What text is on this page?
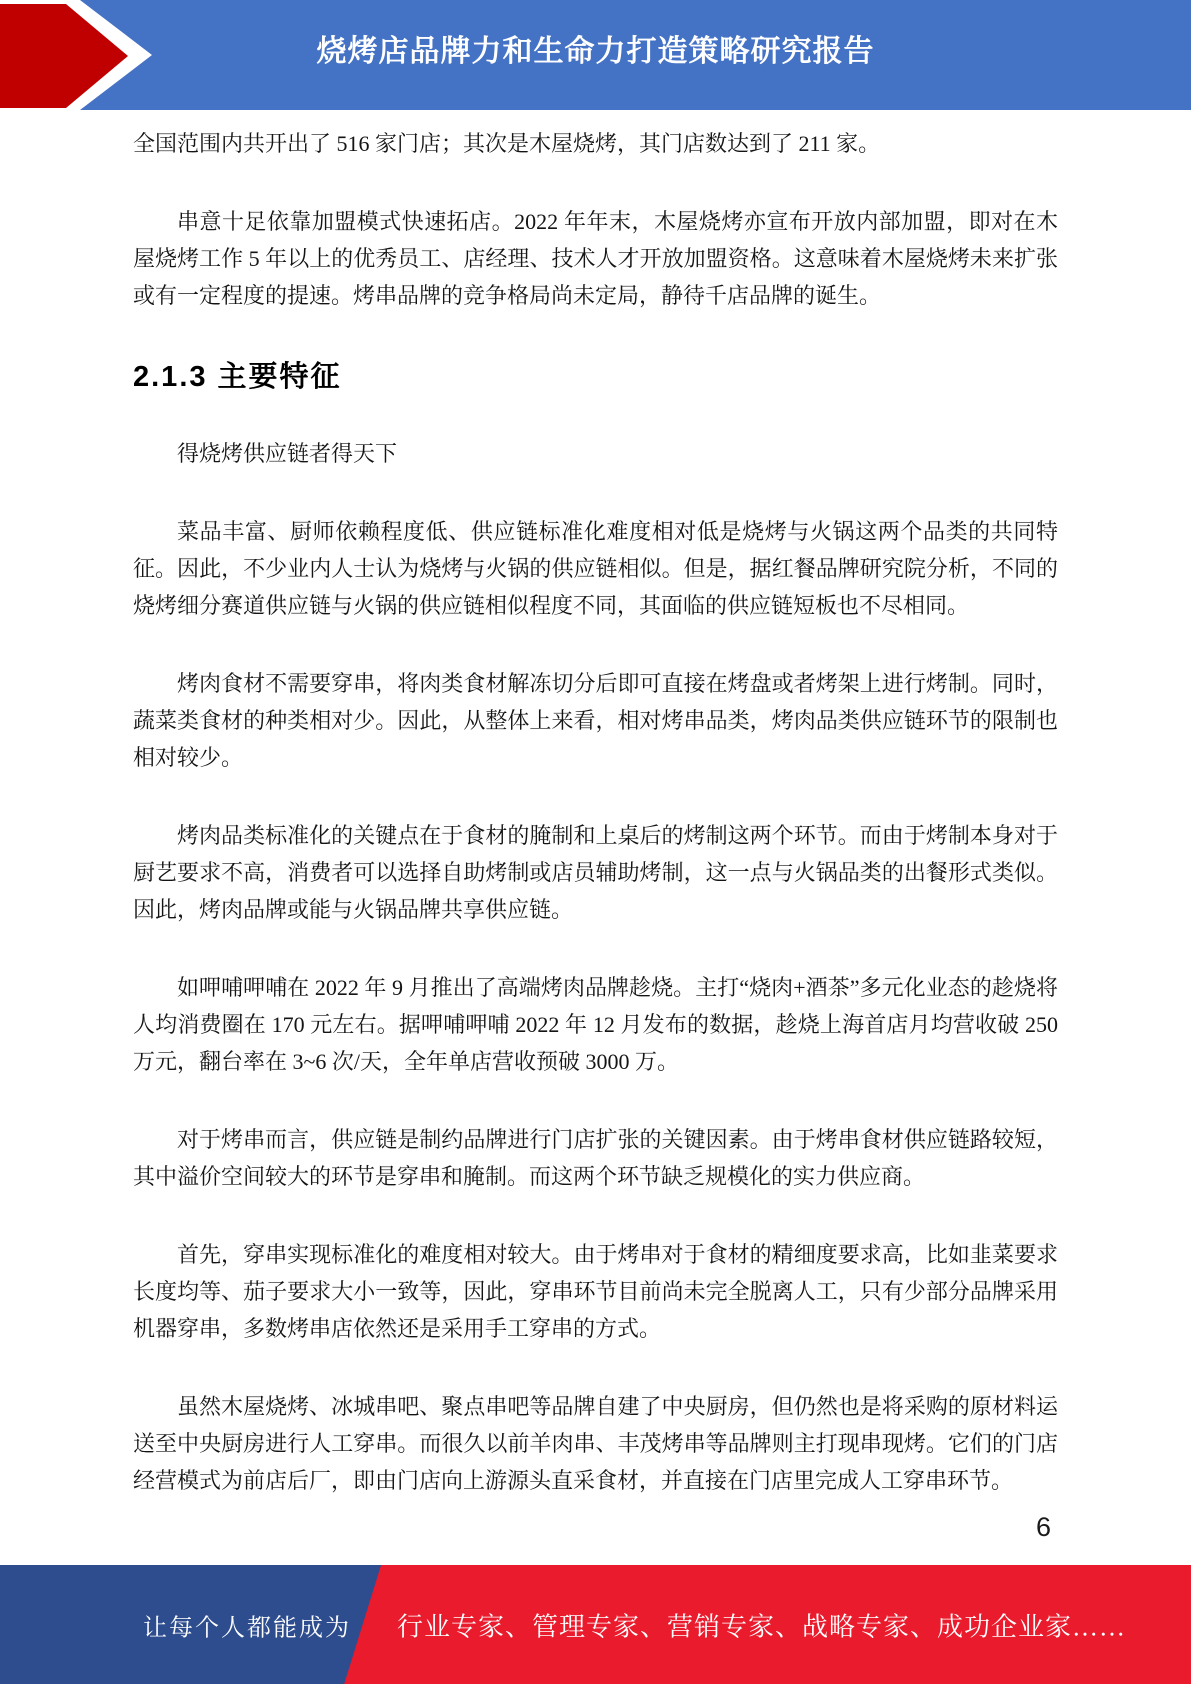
烧烤店品牌力和生命力打造策略研究报告

全国范围内共开出了 516 家门店；其次是木屋烧烤，其门店数达到了 211 家。

串意十足依靠加盟模式快速拓店。2022 年年末，木屋烧烤亦宣布开放内部加盟，即对在木屋烧烤工作 5 年以上的优秀员工、店经理、技术人才开放加盟资格。这意味着木屋烧烤未来扩张或有一定程度的提速。烤串品牌的竞争格局尚未定局，静待千店品牌的诞生。

2.1.3 主要特征

得烧烤供应链者得天下

菜品丰富、厨师依赖程度低、供应链标准化难度相对低是烧烤与火锅这两个品类的共同特征。因此，不少业内人士认为烧烤与火锅的供应链相似。但是，据红餐品牌研究院分析，不同的烧烤细分赛道供应链与火锅的供应链相似程度不同，其面临的供应链短板也不尽相同。

烤肉食材不需要穿串，将肉类食材解冻切分后即可直接在烤盘或者烤架上进行烤制。同时，蔬菜类食材的种类相对少。因此，从整体上来看，相对烤串品类，烤肉品类供应链环节的限制也相对较少。

烤肉品类标准化的关键点在于食材的腌制和上桌后的烤制这两个环节。而由于烤制本身对于厨艺要求不高，消费者可以选择自助烤制或店员辅助烤制，这一点与火锅品类的出餐形式类似。因此，烤肉品牌或能与火锅品牌共享供应链。

如呷哺呷哺在 2022 年 9 月推出了高端烤肉品牌趁烧。主打“烧肉+酒茶”多元化业态的趁烧将人均消费圈在 170 元左右。据呷哺呷哺 2022 年 12 月发布的数据，趁烧上海首店月均营收破 250 万元，翻台率在 3~6 次/天，全年单店营收预破 3000 万。

对于烤串而言，供应链是制约品牌进行门店扩张的关键因素。由于烤串食材供应链路较短，其中溢价空间较大的环节是穿串和腌制。而这两个环节缺乏规模化的实力供应商。

首先，穿串实现标准化的难度相对较大。由于烤串对于食材的精细度要求高，比如韭菜要求长度均等、茄子要求大小一致等，因此，穿串环节目前尚未完全脱离人工，只有少部分品牌采用机器穿串，多数烤串店依然还是采用手工穿串的方式。

虽然木屋烧烤、冰城串吧、聚点串吧等品牌自建了中央厨房，但仍然也是将采购的原材料运送至中央厨房进行人工穿串。而很久以前羊肉串、丰茂烤串等品牌则主打现串现烤。它们的门店经营模式为前店后厂，即由门店向上游源头直采食材，并直接在门店里完成人工穿串环节。

6
让每个人都能成为 行业专家、管理专家、营销专家、战略专家、成功企业家……
